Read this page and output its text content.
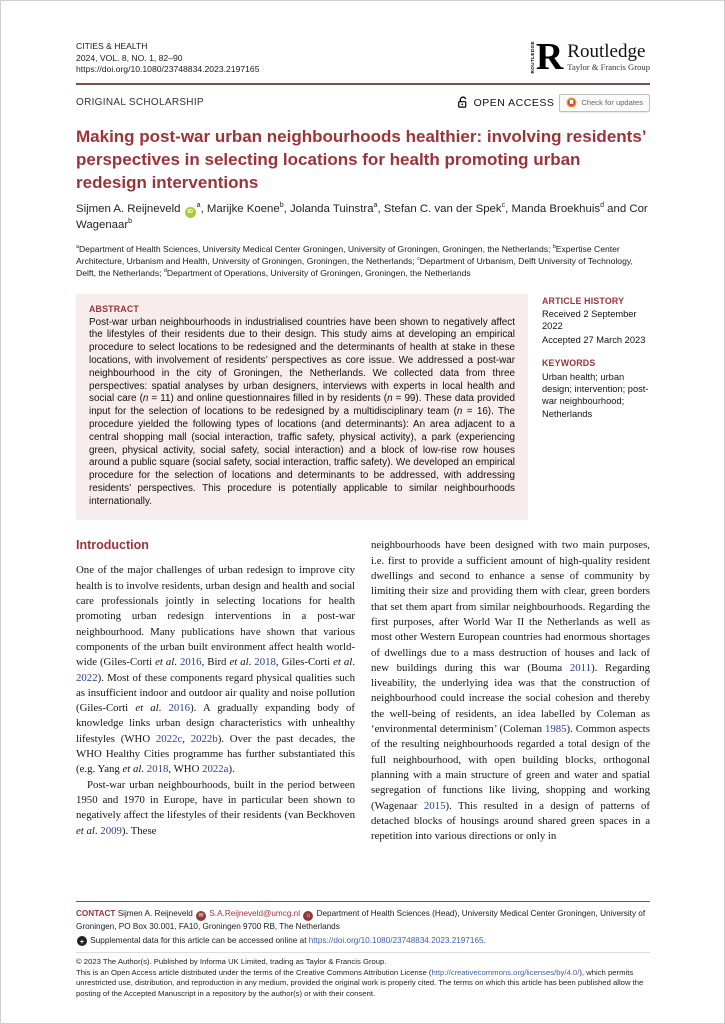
CITIES & HEALTH
2024, VOL. 8, NO. 1, 82–90
https://doi.org/10.1080/23748834.2023.2197165	ROUTLEDGE R Routledge
Taylor & Francis Group
ORIGINAL SCHOLARSHIP	OPEN ACCESS	Check for updates
Making post-war urban neighbourhoods healthier: involving residents’ perspectives in selecting locations for health promoting urban redesign interventions
Sijmen A. Reijneveld $iD^a$, Marijke Koene$^b$, Jolanda Tuinstra$^a$, Stefan C. van der Spek$^c$, Manda Broekhuis$^d$ and Cor Wagenaar$^b$
$^a$Department of Health Sciences, University Medical Center Groningen, University of Groningen, Groningen, the Netherlands; $^b$Expertise Center Architecture, Urbanism and Health, University of Groningen, Groningen, the Netherlands; $^c$Department of Urbanism, Delft University of Technology, Delft, the Netherlands; $^d$Department of Operations, University of Groningen, Groningen, the Netherlands
ABSTRACT
Post-war urban neighbourhoods in industrialised countries have been shown to negatively affect the lifestyles of their residents due to their design. This study aims at developing an empirical procedure to select locations to be redesigned and the determinants of health at stake in these locations, with involvement of residents’ perspectives as core issue. We addressed a post-war neighbourhood in the city of Groningen, the Netherlands. We collected data from three perspectives: spatial analyses by urban designers, interviews with experts in local health and social care (n = 11) and online questionnaires filled in by residents (n = 99). These data provided input for the selection of locations to be redesigned by a multidisciplinary team (n = 16). The procedure yielded the following types of locations (and determinants): An area adjacent to a central shopping mall (social interaction, traffic safety, physical activity), a park (experiencing green, physical activity, social safety, social interaction) and a block of low-rise row houses around a public square (social safety, social interaction, traffic safety). We developed an empirical procedure for the selection of locations and determinants to be addressed, with addressing residents’ perspectives. This procedure is potentially applicable to similar neighbourhoods internationally.
ARTICLE HISTORY
Received 2 September 2022
Accepted 27 March 2023
KEYWORDS
Urban health; urban design; intervention; post-war neighbourhood; Netherlands
Introduction

One of the major challenges of urban redesign to improve city health is to involve residents, urban design and health and social care professionals jointly in selecting locations for health promoting urban redesign interventions in a post-war neighbourhood. Many publications have shown that various components of the urban built environment affect health world-wide (Giles-Corti et al. 2016, Bird et al. 2018, Giles-Corti et al. 2022). Most of these components regard physical qualities such as insufficient indoor and outdoor air quality and noise pollution (Giles-Corti et al. 2016). A gradually expanding body of knowledge links urban design characteristics with unhealthy lifestyles (WHO 2022c, 2022b). Over the past decades, the WHO Healthy Cities programme has further substantiated this (e.g. Yang et al. 2018, WHO 2022a).

Post-war urban neighbourhoods, built in the period between 1950 and 1970 in Europe, have in particular been shown to negatively affect the lifestyles of their residents (van Beckhoven et al. 2009). These

neighbourhoods have been designed with two main purposes, i.e. first to provide a sufficient amount of high-quality resident dwellings and second to enhance a sense of community by limiting their size and providing them with clear, green borders that set them apart from similar neighbourhoods. Regarding the first purposes, after World War II the Netherlands as well as most other Western European countries had enormous shortages of dwellings due to a mass destruction of houses and lack of new buildings during this war (Bouma 2011). Regarding liveability, the underlying idea was that the construction of neighbourhood could increase the social cohesion and thereby the well-being of residents, an idea labelled by Coleman as ‘environmental determinism’ (Coleman 1985). Common aspects of the resulting neighbourhoods regarded a total design of the full neighbourhood, with open building blocks, orthogonal planning with a main structure of green and water and spatial segregation of functions like living, shopping and working (Wagenaar 2015). This resulted in a design of patterns of detached blocks of housings around shared green spaces in a repetition into various directions or only in

CONTACT Sijmen A. Reijneveld ✉ S.A.Reijneveld@umcg.nl ⌂ Department of Health Sciences (Head), University Medical Center Groningen, University of Groningen, PO Box 30.001, FA10, Groningen 9700 RB, The Netherlands
+ Supplemental data for this article can be accessed online at https://doi.org/10.1080/23748834.2023.2197165.
© 2023 The Author(s). Published by Informa UK Limited, trading as Taylor & Francis Group.
This is an Open Access article distributed under the terms of the Creative Commons Attribution License (http://creativecommons.org/licenses/by/4.0/), which permits unrestricted use, distribution, and reproduction in any medium, provided the original work is properly cited. The terms on which this article has been published allow the posting of the Accepted Manuscript in a repository by the author(s) or with their consent.
